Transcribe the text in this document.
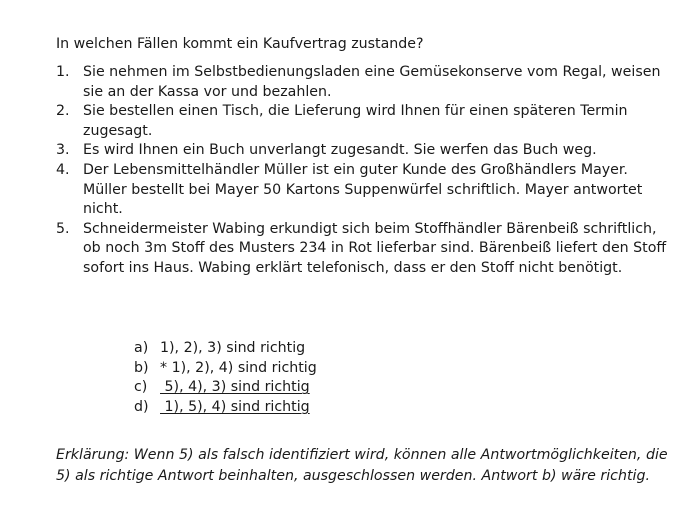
In welchen Fällen kommt ein Kaufvertrag zustande?
1. Sie nehmen im Selbstbedienungsladen eine Gemüsekonserve vom Regal, weisen sie an der Kassa vor und bezahlen.
2. Sie bestellen einen Tisch, die Lieferung wird Ihnen für einen späteren Termin zugesagt.
3. Es wird Ihnen ein Buch unverlangt zugesandt. Sie werfen das Buch weg.
4. Der Lebensmittelhändler Müller ist ein guter Kunde des Großhändlers Mayer. Müller bestellt bei Mayer 50 Kartons Suppenwürfel schriftlich. Mayer antwortet nicht.
5. Schneidermeister Wabing erkundigt sich beim Stoffhändler Bärenbeiß schriftlich, ob noch 3m Stoff des Musters 234 in Rot lieferbar sind. Bärenbeiß liefert den Stoff sofort ins Haus. Wabing erklärt telefonisch, dass er den Stoff nicht benötigt.
a) 1), 2), 3) sind richtig
b) * 1), 2), 4) sind richtig
c) 5), 4), 3) sind richtig
d) 1), 5), 4) sind richtig
Erklärung: Wenn 5) als falsch identifiziert wird, können alle Antwortmöglichkeiten, die 5) als richtige Antwort beinhalten, ausgeschlossen werden. Antwort b) wäre richtig.
